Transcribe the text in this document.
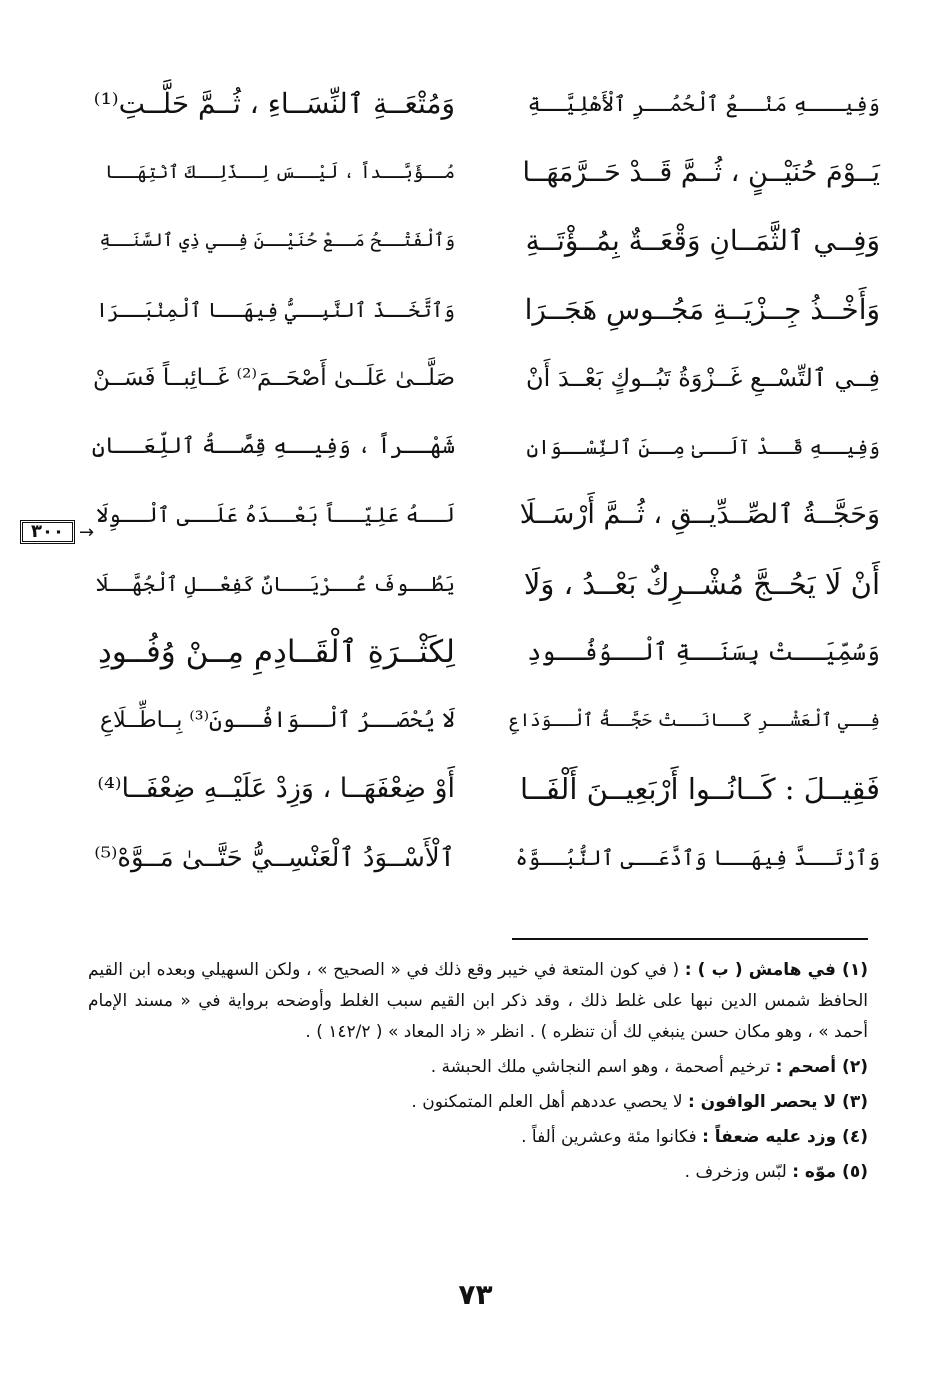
وَفِيـــهِ مَنْــعُ ٱلْحُمُــرِ ٱلْأَهْلِيَّــةِ
وَمُتْعَــةِ ٱلنِّسَــاءِ ، ثُــمَّ حَلَّــتِ⁽¹⁾
يَــوْمَ حُنَيْــنٍ ، ثُــمَّ قَــدْ حَــرَّمَهَــا
مُــؤَبَّــداً ، لَيْــسَ لِــذَلِــكَ ٱنْتِهَــا
وَفِــي ٱلثَّمَــانِ وَقْعَــةٌ بِمُــؤْتَــةِ
وَٱلْفَتْــحُ مَــعْ حُنَيْــنَ فِــي ذِي ٱلسَّنَــةِ
وَأَخْــذُ جِــزْيَــةِ مَجُــوسِ هَجَــرَا
وَٱتَّخَــذَ ٱلنَّبِــيُّ فِيهَــا ٱلْمِنْبَــرَا
فِــي ٱلتِّسْــعِ غَــزْوَةُ تَبُــوكٍ بَعْــدَ أَنْ
صَلَّــىٰ عَلَــىٰ أَصْحَــمَ⁽²⁾ غَــائِبــاً فَسَــنْ
وَفِيــهِ قَــدْ آلَــىٰ مِــنَ ٱلنِّسْــوَانِ
شَهْــراً ، وَفِيــهِ قِصَّــةُ ٱللِّعَــانِ
وَحَجَّــةُ ٱلصِّــدِّيــقِ ، ثُــمَّ أَرْسَــلَا
لَــهُ عَلِيّــاً بَعْــدَهُ عَلَــى ٱلْــوِلَا
أَنْ لَا يَحُــجَّ مُشْــرِكٌ بَعْــدُ ، وَلَا
يَطُــوفَ عُــرْيَــانٌ كَفِعْــلِ ٱلْجُهَّــلَا
وَسُمِّيَــتْ بِسَنَــةِ ٱلْــوُفُــودِ
لِكَثْــرَةِ ٱلْقَــادِمِ مِــنْ وُفُــودِ
فِــي ٱلْعَشْــرِ كَــانَــتْ حَجَّــةُ ٱلْــوَدَاعِ
لَا يُحْصَــرُ ٱلْــوَافُــونَ⁽³⁾ بِــاطِّــلَاعِ
فَقِيــلَ : كَــانُــوا أَرْبَعِيــنَ أَلْفَــا
أَوْ ضِعْفَهَــا ، وَزِدْ عَلَيْــهِ ضِعْفَــا⁽⁴⁾
وَٱرْتَــدَّ فِيهَــا وَٱدَّعَــى ٱلنُّبُــوَّهْ
ٱلْأَسْــوَدُ ٱلْعَنْسِــيُّ حَتَّــىٰ مَــوَّهْ⁽⁵⁾
٣٠٠ →

(١) في هامش ( ب ) : ( في كون المتعة في خيبر وقع ذلك في « الصحيح » ، ولكن السهيلي وبعده ابن القيم الحافظ شمس الدين نبها على غلط ذلك ، وقد ذكر ابن القيم سبب الغلط وأوضحه برواية في « مسند الإمام أحمد » ، وهو مكان حسن ينبغي لك أن تنظره ) . انظر « زاد المعاد » ( ١٤٢/٢ ) .

(٢) أصحم : ترخيم أصحمة ، وهو اسم النجاشي ملك الحبشة .

(٣) لا يحصر الوافون : لا يحصي عددهم أهل العلم المتمكنون .

(٤) وزد عليه ضعفاً : فكانوا مئة وعشرين ألفاً .

(٥) موّه : لبّس وزخرف .

٧٣
